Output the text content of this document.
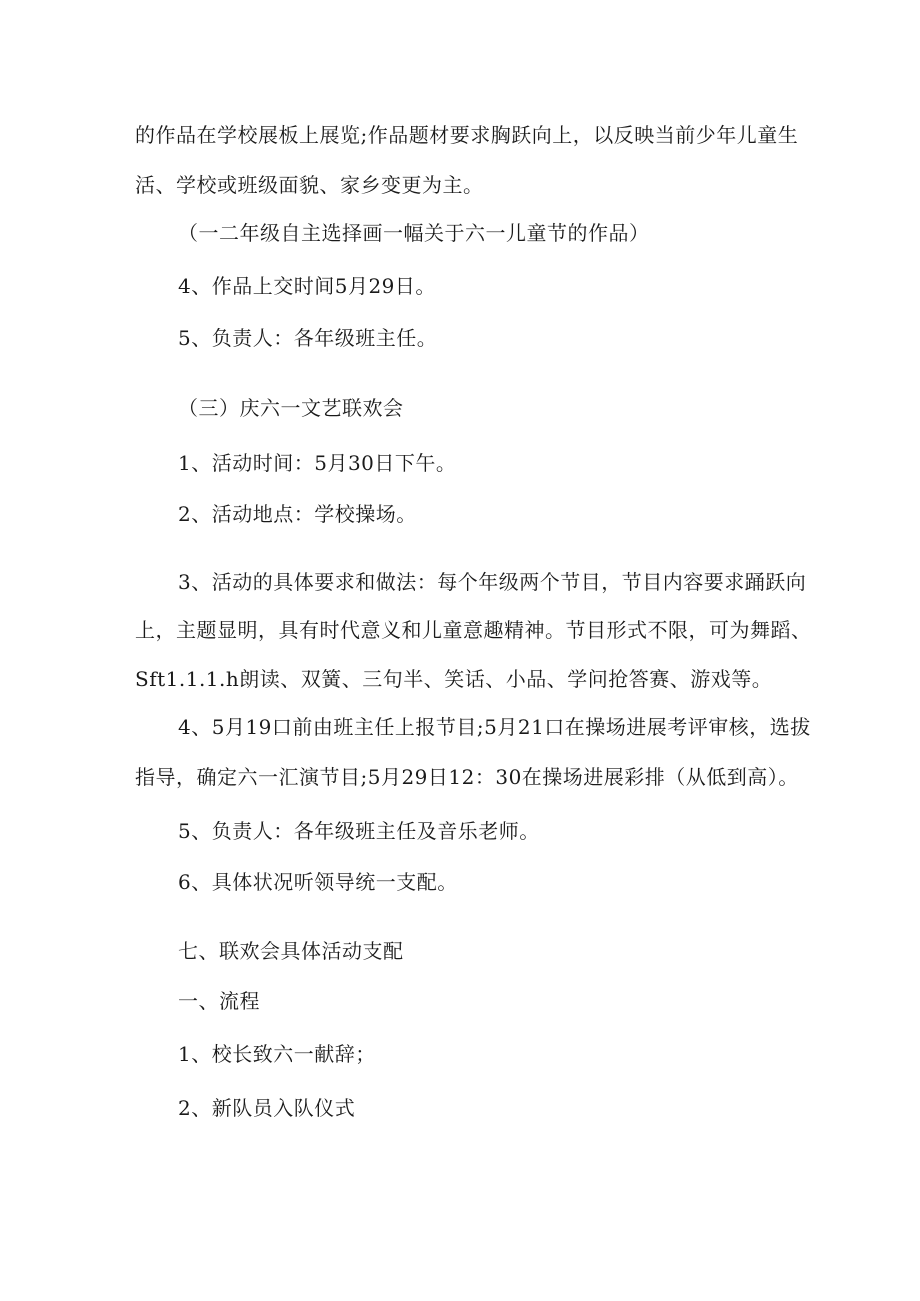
的作品在学校展板上展览;作品题材要求胸跃向上，以反映当前少年儿童生
活、学校或班级面貌、家乡变更为主。
（一二年级自主选择画一幅关于六一儿童节的作品）
4、作品上交时间5月29日。
5、负责人：各年级班主任。
（三）庆六一文艺联欢会
1、活动时间：5月30日下午。
2、活动地点：学校操场。
3、活动的具体要求和做法：每个年级两个节目，节目内容要求踊跃向
上，主题显明，具有时代意义和儿童意趣精神。节目形式不限，可为舞蹈、
Sft1.1.1.h朗读、双簧、三句半、笑话、小品、学问抢答赛、游戏等。
4、5月19口前由班主任上报节目;5月21口在操场进展考评审核，选拔
指导，确定六一汇演节目;5月29日12：30在操场进展彩排（从低到高）。
5、负责人：各年级班主任及音乐老师。
6、具体状况听领导统一支配。
七、联欢会具体活动支配
一、流程
1、校长致六一献辞；
2、新队员入队仪式
